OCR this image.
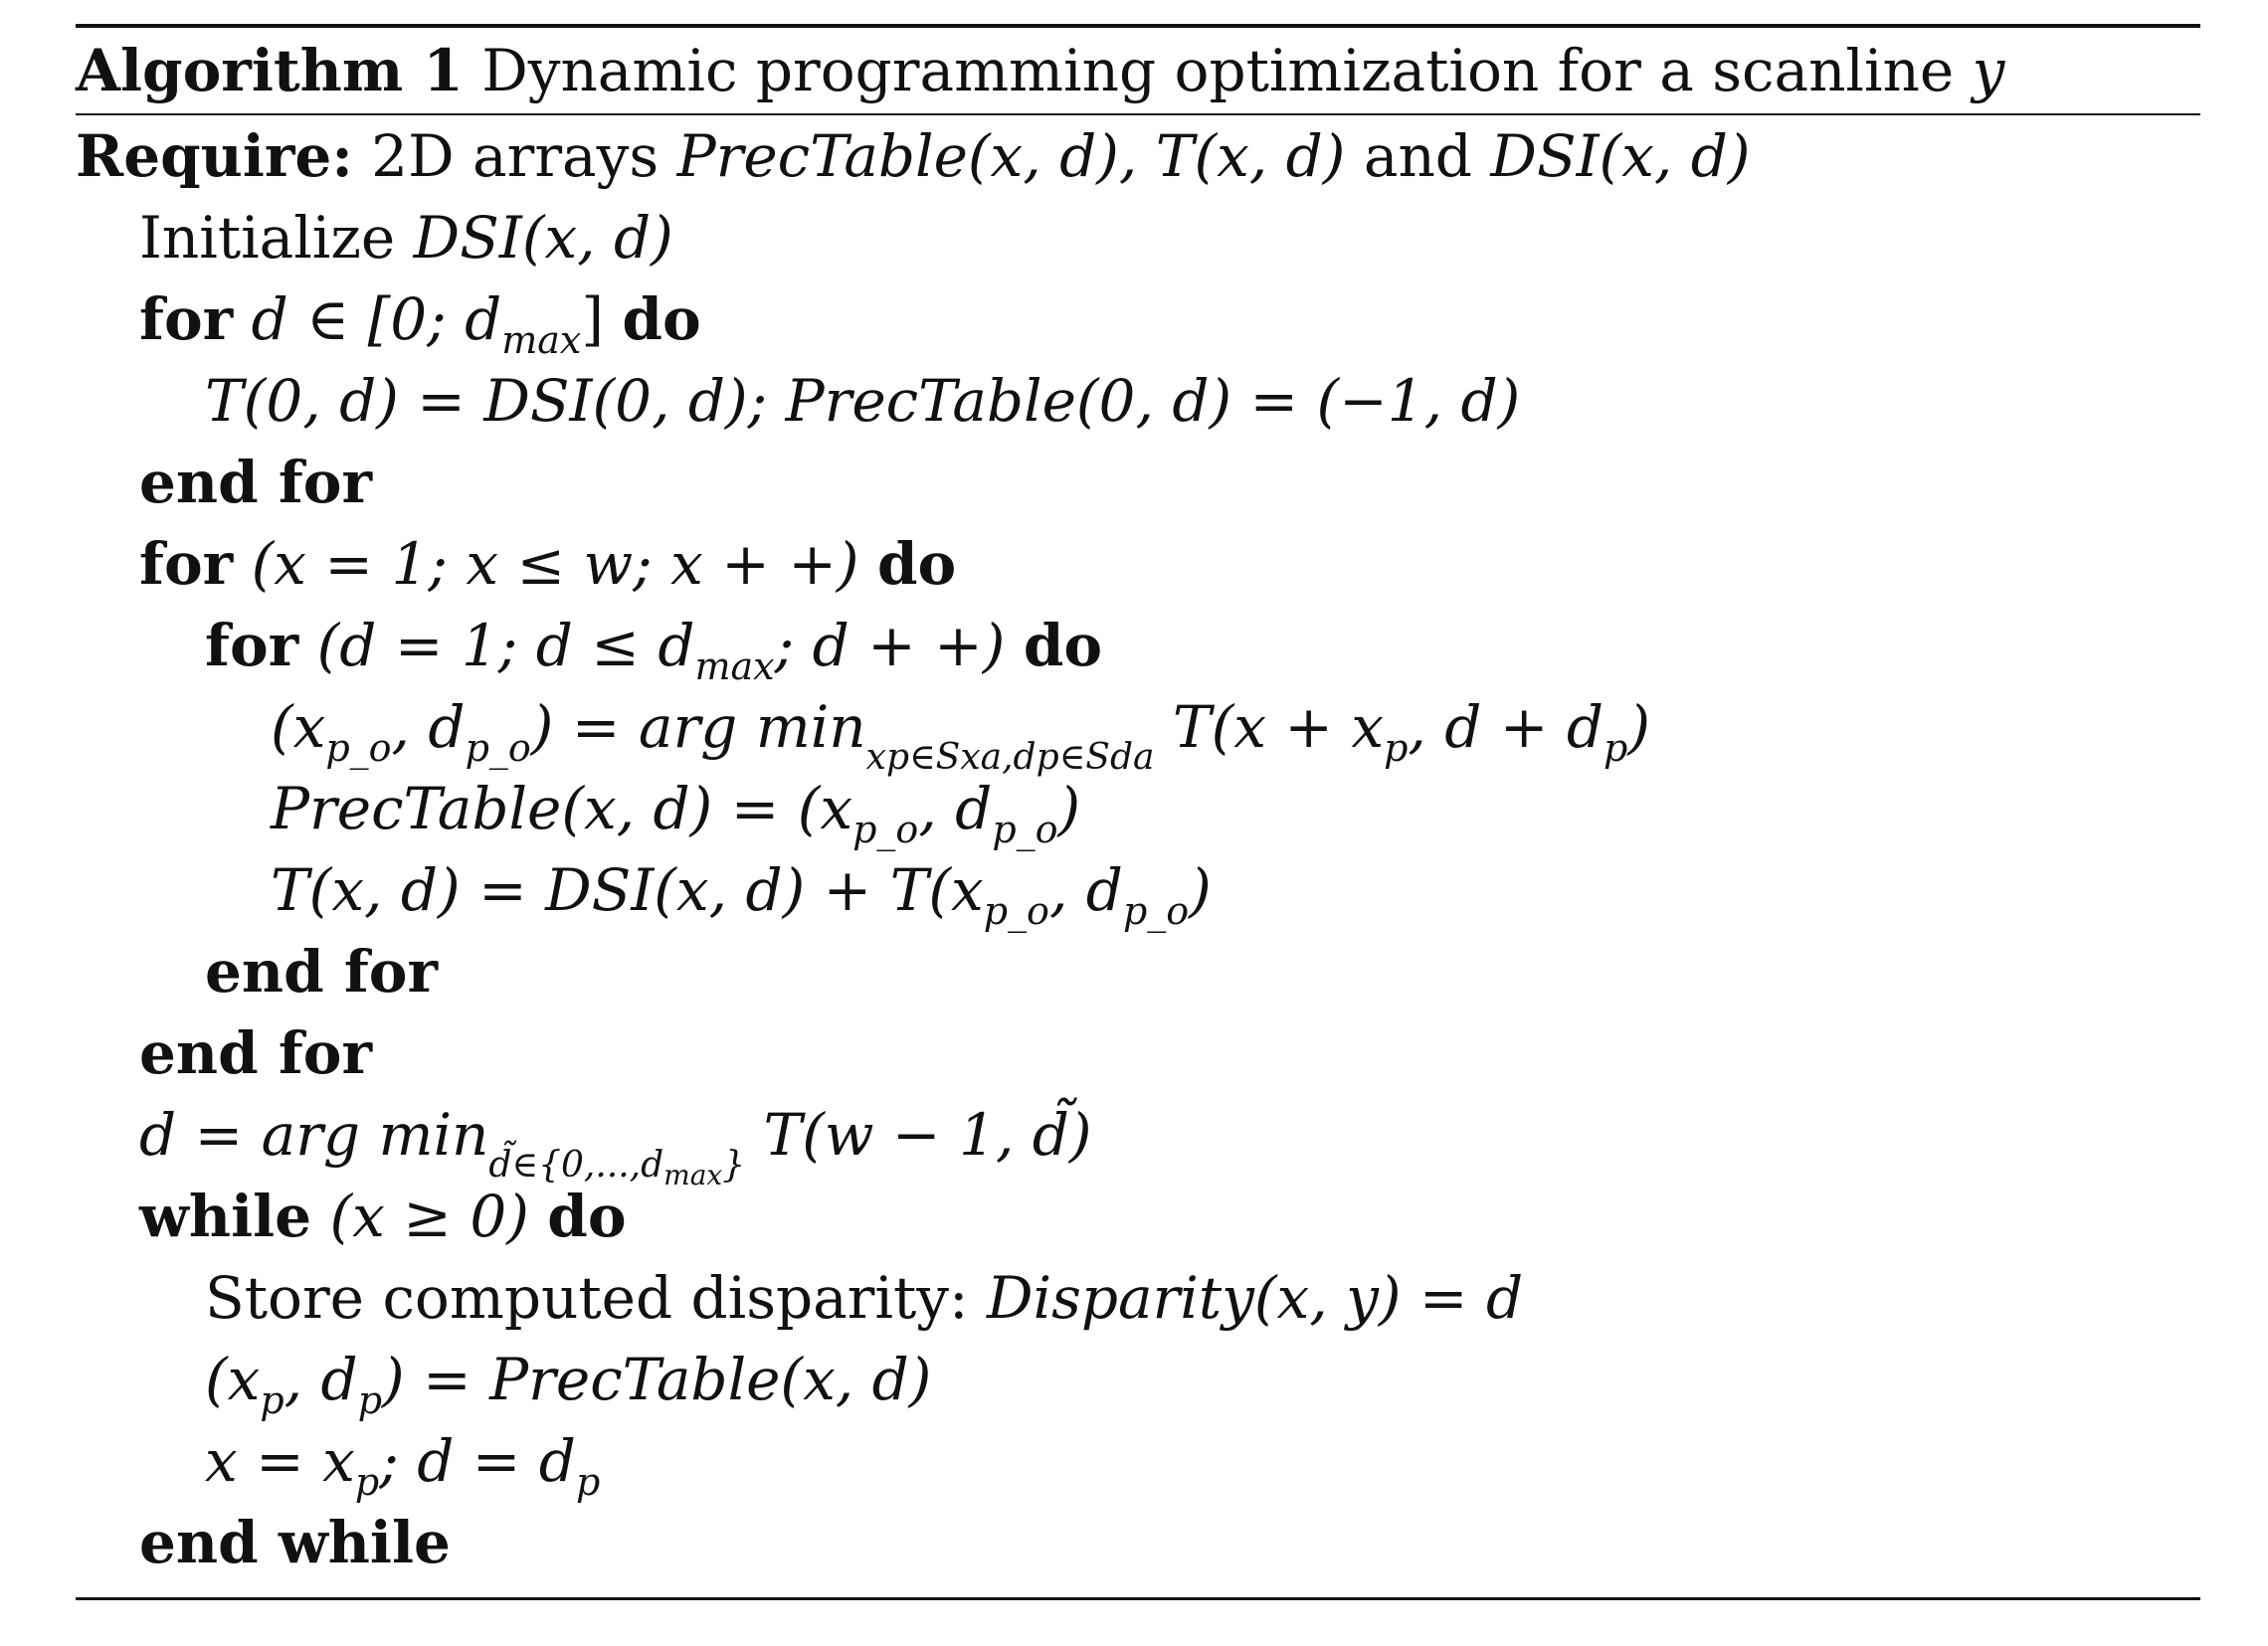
Algorithm 1 Dynamic programming optimization for a scanline y
Require: 2D arrays PrecTable(x, d), T(x, d) and DSI(x, d)
Initialize DSI(x, d)
for d ∈ [0; $d_{max}$] do
T(0, d) = DSI(0, d); PrecTable(0, d) = (−1, d)
end for
for (x = 1; x ≤ w; x + +) do
for (d = 1; $d \le d_{max}$; d + +) do
($x_{p\_o}$, $d_{p\_o}$) = arg $\min_{xp\in Sxa,dp\in Sda} T(x + x_p$, $d + d_p$)
PrecTable(x, $d) = (x_{p\_o}$, $d_{p\_o}$)
T(x, d) = DSI(x, $d) + T(x_{p\_o}$, $d_{p\_o}$)
end for
end for
d = arg $\min_{d̃\in\{0,...,dmax\}} T(w - 1$, d̃)
while (x ≥ 0) do
Store computed disparity: Disparity(x, y) = d
($x_p$, $d_p$) = PrecTable(x, d)
$x = x_p$; $d = d_p$
end while
